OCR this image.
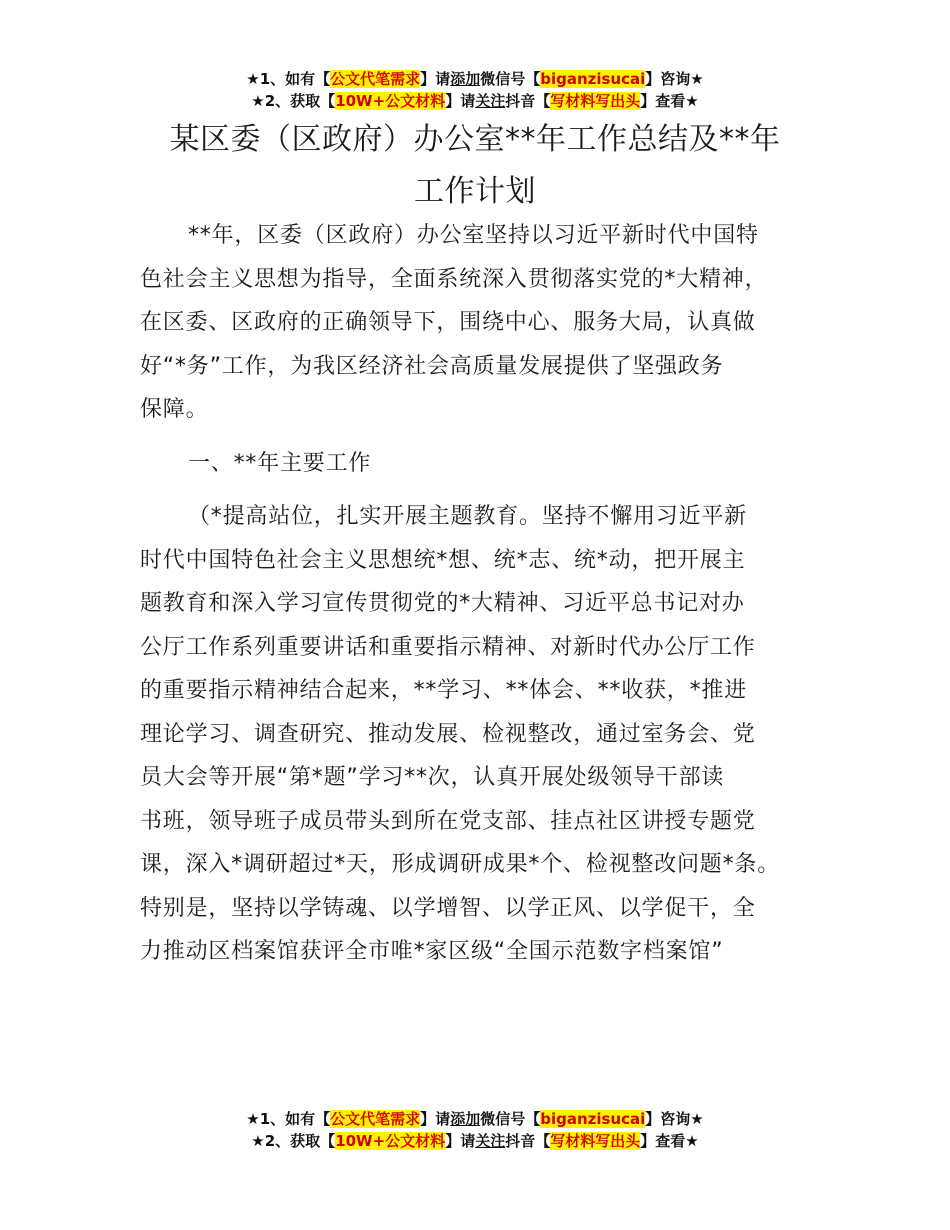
★1、如有【公文代笔需求】请添加微信号【biganzisucai】咨询★
★2、获取【10W+公文材料】请关注抖音【写材料写出头】查看★
某区委（区政府）办公室**年工作总结及**年
工作计划
**年，区委（区政府）办公室坚持以习近平新时代中国特
色社会主义思想为指导，全面系统深入贯彻落实党的*大精神，
在区委、区政府的正确领导下，围绕中心、服务大局，认真做
好“*务”工作，为我区经济社会高质量发展提供了坚强政务
保障。
一、**年主要工作
（*提高站位，扎实开展主题教育。坚持不懈用习近平新
时代中国特色社会主义思想统*想、统*志、统*动，把开展主
题教育和深入学习宣传贯彻党的*大精神、习近平总书记对办
公厅工作系列重要讲话和重要指示精神、对新时代办公厅工作
的重要指示精神结合起来，**学习、**体会、**收获，*推进
理论学习、调查研究、推动发展、检视整改，通过室务会、党
员大会等开展“第*题”学习**次，认真开展处级领导干部读
书班，领导班子成员带头到所在党支部、挂点社区讲授专题党
课，深入*调研超过*天，形成调研成果*个、检视整改问题*条。
特别是，坚持以学铸魂、以学增智、以学正风、以学促干，全
力推动区档案馆获评全市唯*家区级“全国示范数字档案馆”
★1、如有【公文代笔需求】请添加微信号【biganzisucai】咨询★
★2、获取【10W+公文材料】请关注抖音【写材料写出头】查看★
